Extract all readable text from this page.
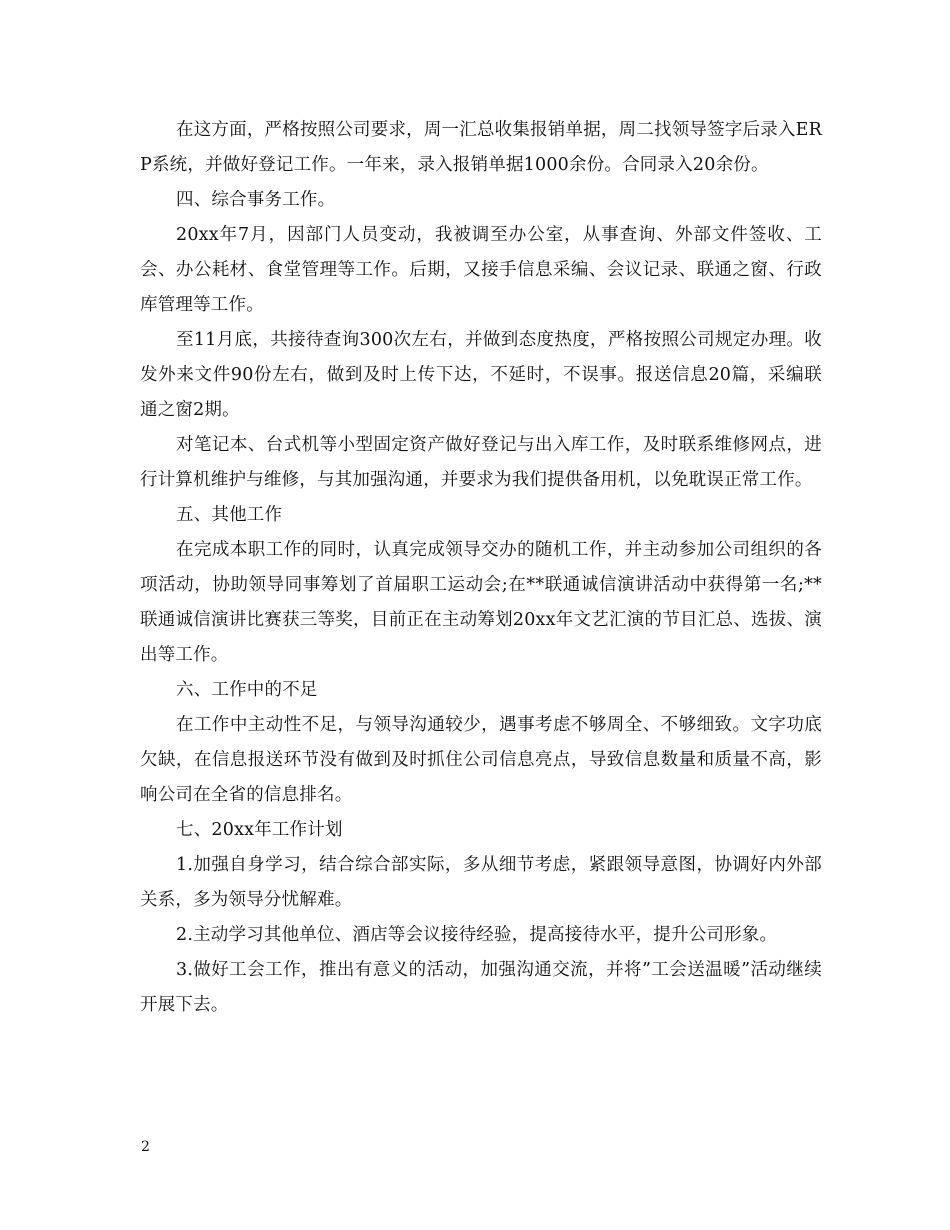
在这方面，严格按照公司要求，周一汇总收集报销单据，周二找领导签字后录入ERP系统，并做好登记工作。一年来，录入报销单据1000余份。合同录入20余份。

四、综合事务工作。

20xx年7月，因部门人员变动，我被调至办公室，从事查询、外部文件签收、工会、办公耗材、食堂管理等工作。后期，又接手信息采编、会议记录、联通之窗、行政库管理等工作。

至11月底，共接待查询300次左右，并做到态度热度，严格按照公司规定办理。收发外来文件90份左右，做到及时上传下达，不延时，不误事。报送信息20篇，采编联通之窗2期。

对笔记本、台式机等小型固定资产做好登记与出入库工作，及时联系维修网点，进行计算机维护与维修，与其加强沟通，并要求为我们提供备用机，以免耽误正常工作。

五、其他工作

在完成本职工作的同时，认真完成领导交办的随机工作，并主动参加公司组织的各项活动，协助领导同事筹划了首届职工运动会;在**联通诚信演讲活动中获得第一名;**联通诚信演讲比赛获三等奖，目前正在主动筹划20xx年文艺汇演的节目汇总、选拔、演出等工作。

六、工作中的不足

在工作中主动性不足，与领导沟通较少，遇事考虑不够周全、不够细致。文字功底欠缺，在信息报送环节没有做到及时抓住公司信息亮点，导致信息数量和质量不高，影响公司在全省的信息排名。

七、20xx年工作计划

1.加强自身学习，结合综合部实际，多从细节考虑，紧跟领导意图，协调好内外部关系，多为领导分忧解难。

2.主动学习其他单位、酒店等会议接待经验，提高接待水平，提升公司形象。

3.做好工会工作，推出有意义的活动，加强沟通交流，并将”工会送温暖”活动继续开展下去。

2
